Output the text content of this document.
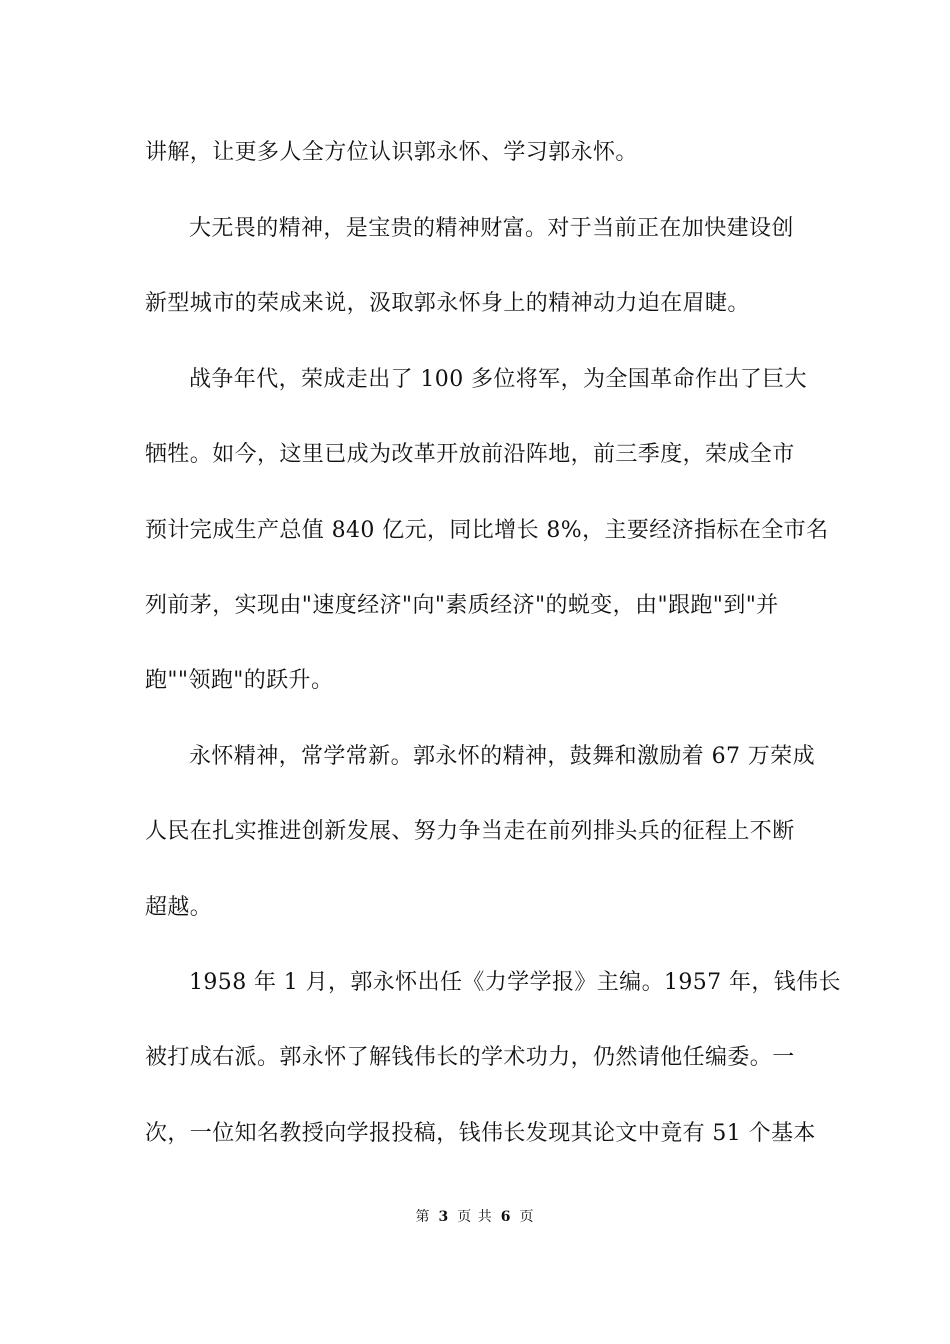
讲解，让更多人全方位认识郭永怀、学习郭永怀。
大无畏的精神，是宝贵的精神财富。对于当前正在加快建设创
新型城市的荣成来说，汲取郭永怀身上的精神动力迫在眉睫。
战争年代，荣成走出了 100 多位将军，为全国革命作出了巨大
牺牲。如今，这里已成为改革开放前沿阵地，前三季度，荣成全市
预计完成生产总值 840 亿元，同比增长 8%，主要经济指标在全市名
列前茅，实现由"速度经济"向"素质经济"的蜕变，由"跟跑"到"并
跑""领跑"的跃升。
永怀精神，常学常新。郭永怀的精神，鼓舞和激励着 67 万荣成
人民在扎实推进创新发展、努力争当走在前列排头兵的征程上不断
超越。
1958 年 1 月，郭永怀出任《力学学报》主编。1957 年，钱伟长
被打成右派。郭永怀了解钱伟长的学术功力，仍然请他任编委。一
次，一位知名教授向学报投稿，钱伟长发现其论文中竟有 51 个基本
第 3 页 共 6 页
